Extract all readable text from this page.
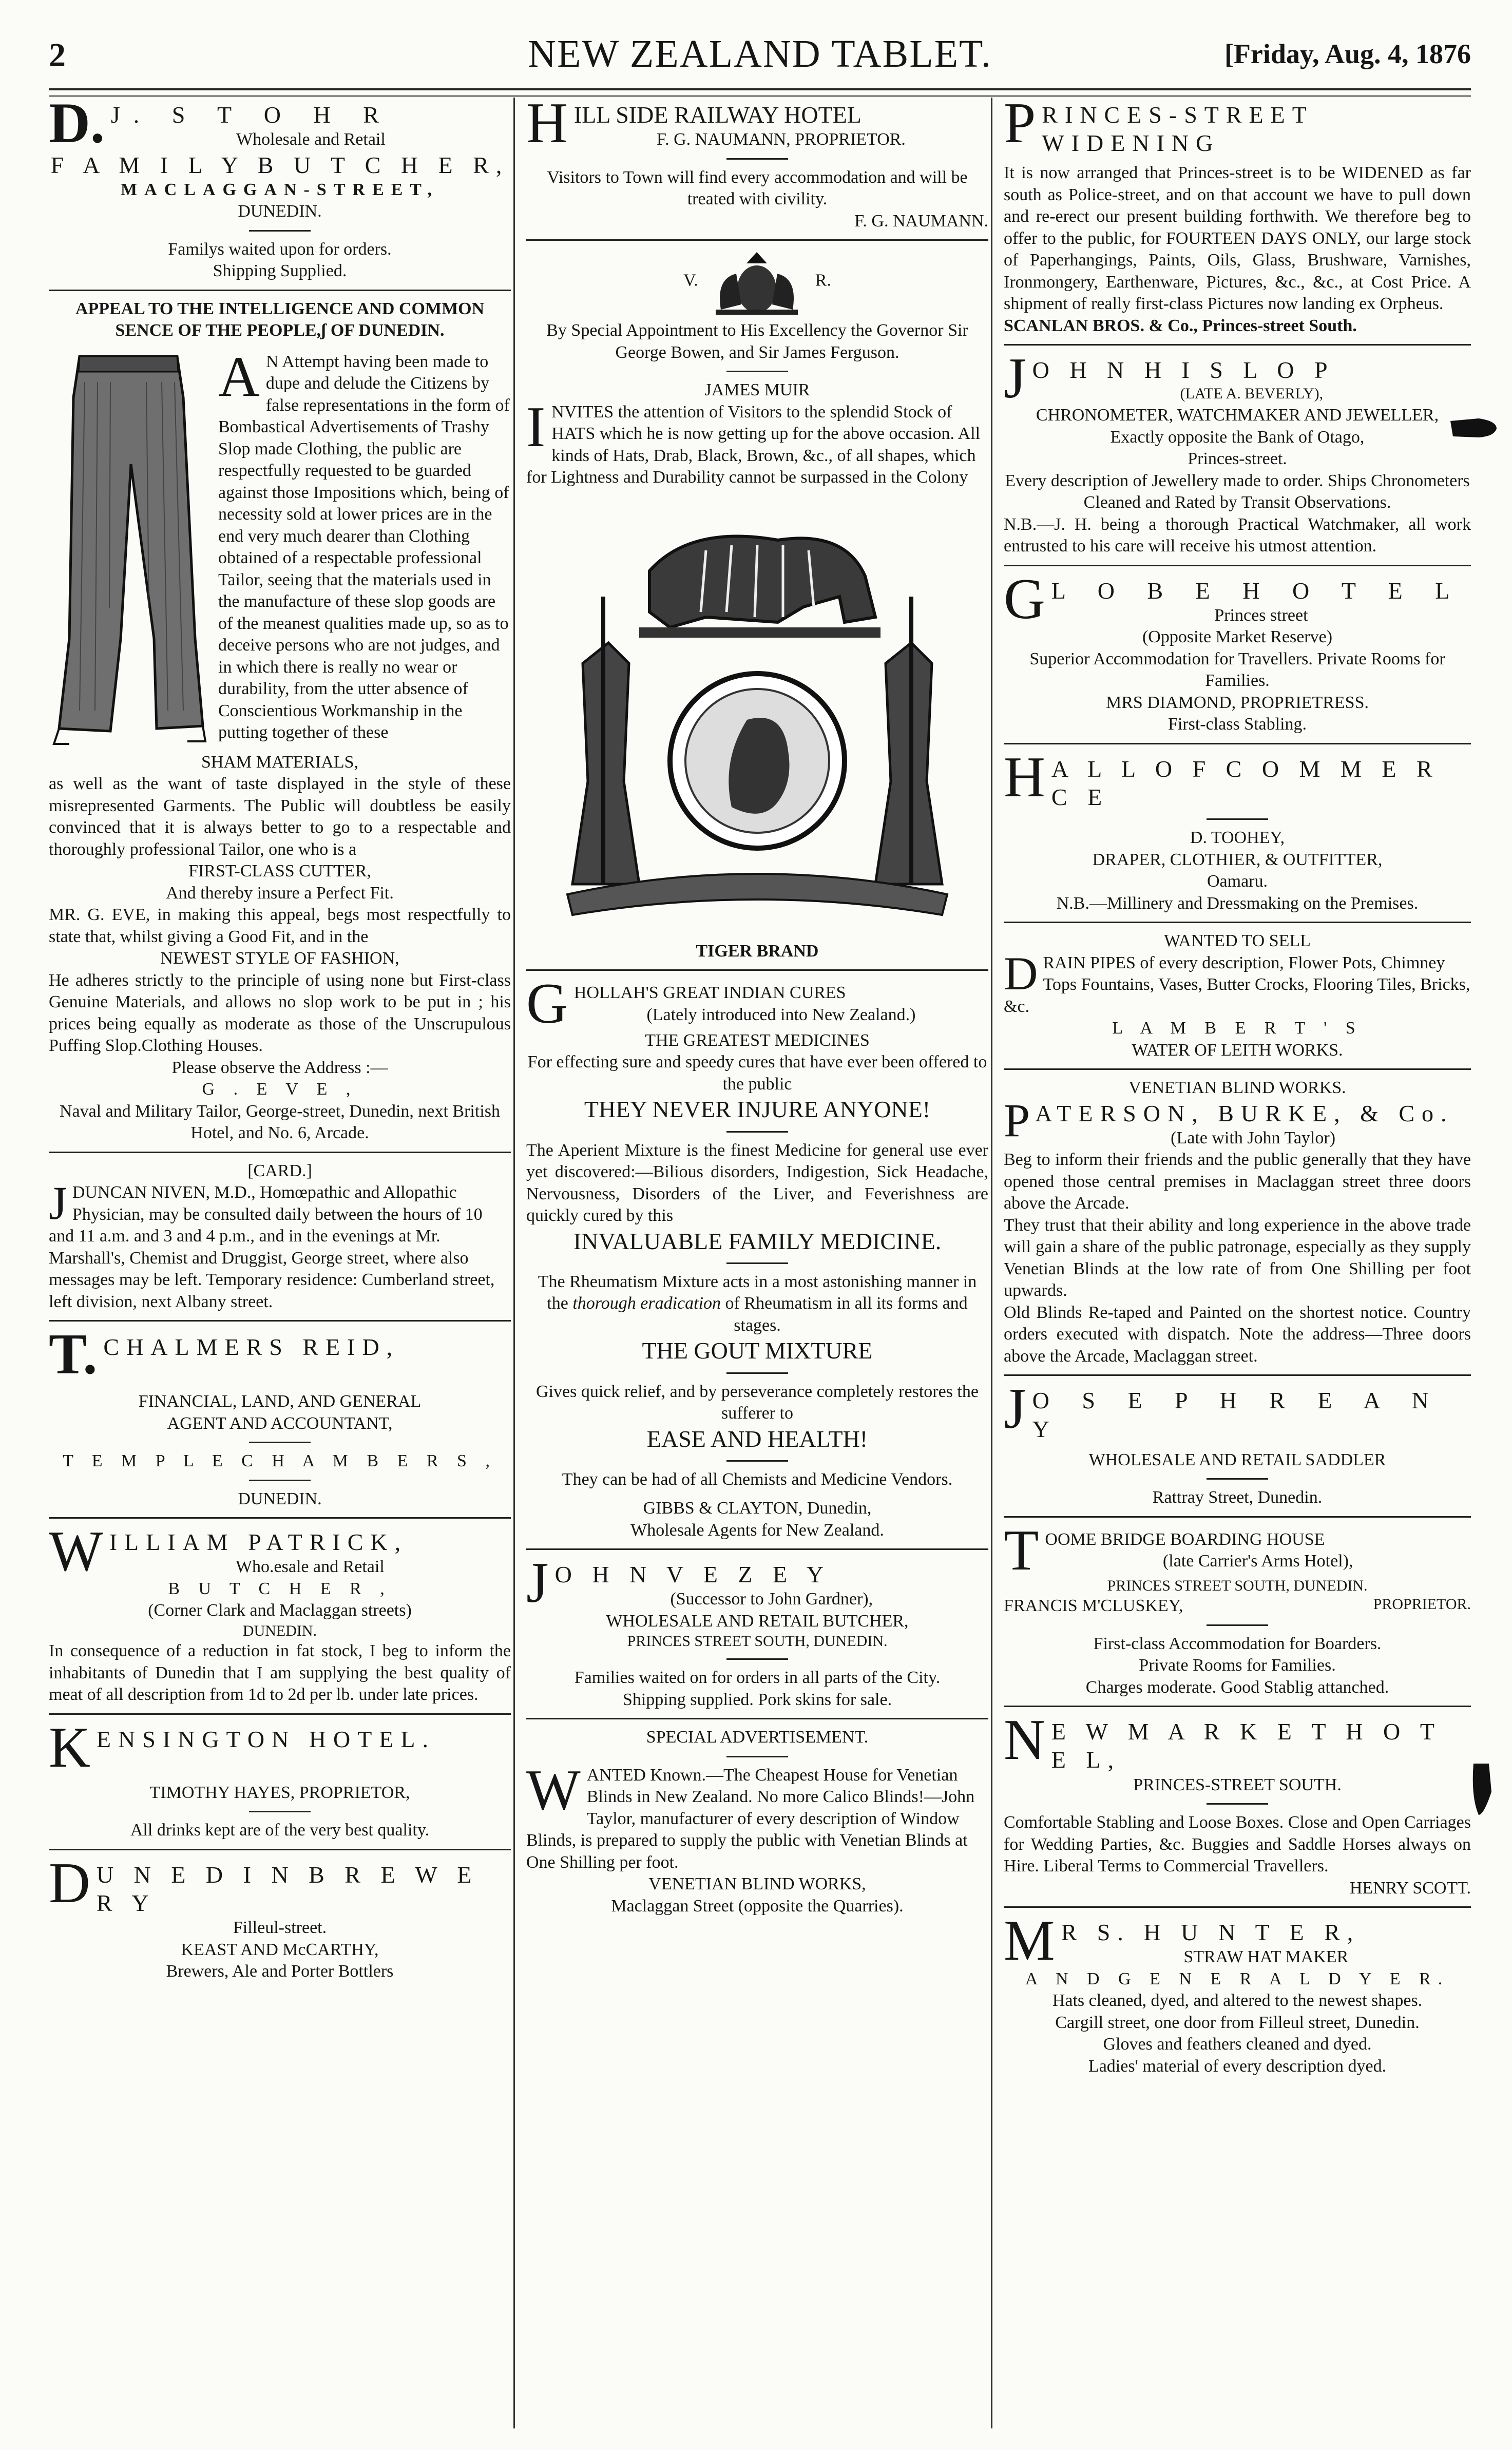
2	NEW ZEALAND TABLET.	[Friday, Aug. 4, 1876
D. J. S T O H R
Wholesale and Retail
F A M I L Y B U T C H E R,
MACLAGGAN-STREET,
DUNEDIN.
Familys waited upon for orders.
Shipping Supplied.
APPEAL TO THE INTELLIGENCE AND COMMON SENCE OF THE PEOPLE,ʃ OF DUNEDIN.
A N Attempt having been made to dupe and delude the Citizens by false representations in the form of Bombastical Advertisements of Trashy Slop made Clothing, the public are respectfully requested to be guarded against those Impositions which, being of necessity sold at lower prices are in the end very much dearer than Clothing obtained of a respectable professional Tailor, seeing that the materials used in the manufacture of these slop goods are of the meanest qualities made up, so as to deceive persons who are not judges, and in which there is really no wear or durability, from the utter absence of Conscientious Workmanship in the putting together of these
SHAM MATERIALS,
as well as the want of taste displayed in the style of these misrepresented Garments. The Public will doubtless be easily convinced that it is always better to go to a respectable and thoroughly professional Tailor, one who is a
FIRST-CLASS CUTTER,
And thereby insure a Perfect Fit.
MR. G. EVE, in making this appeal, begs most respectfully to state that, whilst giving a Good Fit, and in the
NEWEST STYLE OF FASHION,
He adheres strictly to the principle of using none but First-class Genuine Materials, and allows no slop work to be put in ; his prices being equally as moderate as those of the Unscrupulous Puffing Slop.Clothing Houses.
Please observe the Address :—
G . E V E ,
Naval and Military Tailor, George-street, Dunedin, next British Hotel, and No. 6, Arcade.
[CARD.]
J DUNCAN NIVEN, M.D., Homœpathic and Allopathic Physician, may be consulted daily between the hours of 10 and 11 a.m. and 3 and 4 p.m., and in the evenings at Mr. Marshall's, Chemist and Druggist, George street, where also messages may be left. Temporary residence: Cumberland street, left division, next Albany street.
T. CHALMERS REID,
FINANCIAL, LAND, AND GENERAL
AGENT AND ACCOUNTANT,
T E M P L E C H A M B E R S ,
DUNEDIN.
W ILLIAM PATRICK,
Who.esale and Retail
B U T C H E R ,
(Corner Clark and Maclaggan streets)
DUNEDIN.
In consequence of a reduction in fat stock, I beg to inform the inhabitants of Dunedin that I am supplying the best quality of meat of all description from 1d to 2d per lb. under late prices.
K ENSINGTON HOTEL.
TIMOTHY HAYES, PROPRIETOR,
All drinks kept are of the very best quality.
D U N E D I N B R E W E R Y
Filleul-street.
KEAST AND McCARTHY,
Brewers, Ale and Porter Bottlers
H ILL SIDE RAILWAY HOTEL
F. G. NAUMANN, PROPRIETOR.
Visitors to Town will find every accommodation and will be treated with civility.
F. G. NAUMANN.
V.	R.
By Special Appointment to His Excellency the Governor Sir George Bowen, and Sir James Ferguson.
JAMES MUIR
I NVITES the attention of Visitors to the splendid Stock of HATS which he is now getting up for the above occasion. All kinds of Hats, Drab, Black, Brown, &c., of all shapes, which for Lightness and Durability cannot be surpassed in the Colony
TIGER BRAND
G HOLLAH'S GREAT INDIAN CURES
(Lately introduced into New Zealand.)
THE GREATEST MEDICINES
For effecting sure and speedy cures that have ever been offered to the public
THEY NEVER INJURE ANYONE!
The Aperient Mixture is the finest Medicine for general use ever yet discovered:—Bilious disorders, Indigestion, Sick Headache, Nervousness, Disorders of the Liver, and Feverishness are quickly cured by this
INVALUABLE FAMILY MEDICINE.
The Rheumatism Mixture acts in a most astonishing manner in the thorough eradication of Rheumatism in all its forms and stages.
THE GOUT MIXTURE
Gives quick relief, and by perseverance completely restores the sufferer to
EASE AND HEALTH!
They can be had of all Chemists and Medicine Vendors.
GIBBS & CLAYTON, Dunedin,
Wholesale Agents for New Zealand.
J O H N V E Z E Y
(Successor to John Gardner),
WHOLESALE AND RETAIL BUTCHER,
PRINCES STREET SOUTH, DUNEDIN.
Families waited on for orders in all parts of the City.
Shipping supplied. Pork skins for sale.
SPECIAL ADVERTISEMENT.
W ANTED Known.—The Cheapest House for Venetian Blinds in New Zealand. No more Calico Blinds!—John Taylor, manufacturer of every description of Window Blinds, is prepared to supply the public with Venetian Blinds at One Shilling per foot.
VENETIAN BLIND WORKS,
Maclaggan Street (opposite the Quarries).
P RINCES-STREET WIDENING
It is now arranged that Princes-street is to be WIDENED as far south as Police-street, and on that account we have to pull down and re-erect our present building forthwith. We therefore beg to offer to the public, for FOURTEEN DAYS ONLY, our large stock of Paperhangings, Paints, Oils, Glass, Brushware, Varnishes, Ironmongery, Earthenware, Pictures, &c., &c., at Cost Price. A shipment of really first-class Pictures now landing ex Orpheus.
SCANLAN BROS. & Co., Princes-street South.
J O H N H I S L O P
(LATE A. BEVERLY),
CHRONOMETER, WATCHMAKER AND JEWELLER,
Exactly opposite the Bank of Otago,
Princes-street.
Every description of Jewellery made to order. Ships Chronometers Cleaned and Rated by Transit Observations.
N.B.—J. H. being a thorough Practical Watchmaker, all work entrusted to his care will receive his utmost attention.
G L O B E H O T E L
Princes street
(Opposite Market Reserve)
Superior Accommodation for Travellers. Private Rooms for Families.
MRS DIAMOND, PROPRIETRESS.
First-class Stabling.
H A L L O F C O M M E R C E
D. TOOHEY,
DRAPER, CLOTHIER, & OUTFITTER,
Oamaru.
N.B.—Millinery and Dressmaking on the Premises.
WANTED TO SELL
D RAIN PIPES of every description, Flower Pots, Chimney Tops Fountains, Vases, Butter Crocks, Flooring Tiles, Bricks, &c.
L A M B E R T ' S
WATER OF LEITH WORKS.
VENETIAN BLIND WORKS.
P ATERSON, BURKE, & Co.
(Late with John Taylor)
Beg to inform their friends and the public generally that they have opened those central premises in Maclaggan street three doors above the Arcade.
They trust that their ability and long experience in the above trade will gain a share of the public patronage, especially as they supply Venetian Blinds at the low rate of from One Shilling per foot upwards.
Old Blinds Re-taped and Painted on the shortest notice. Country orders executed with dispatch. Note the address—Three doors above the Arcade, Maclaggan street.
J O S E P H R E A N Y
WHOLESALE AND RETAIL SADDLER
Rattray Street, Dunedin.
T OOME BRIDGE BOARDING HOUSE
(late Carrier's Arms Hotel),
PRINCES STREET SOUTH, DUNEDIN.
FRANCIS M'CLUSKEY,	PROPRIETOR.
First-class Accommodation for Boarders.
Private Rooms for Families.
Charges moderate. Good Stablig attanched.
N E W M A R K E T H O T E L,
PRINCES-STREET SOUTH.
Comfortable Stabling and Loose Boxes. Close and Open Carriages for Wedding Parties, &c. Buggies and Saddle Horses always on Hire. Liberal Terms to Commercial Travellers.
HENRY SCOTT.
M R S. H U N T E R,
STRAW HAT MAKER
A N D G E N E R A L D Y E R.
Hats cleaned, dyed, and altered to the newest shapes.
Cargill street, one door from Filleul street, Dunedin.
Gloves and feathers cleaned and dyed.
Ladies' material of every description dyed.
